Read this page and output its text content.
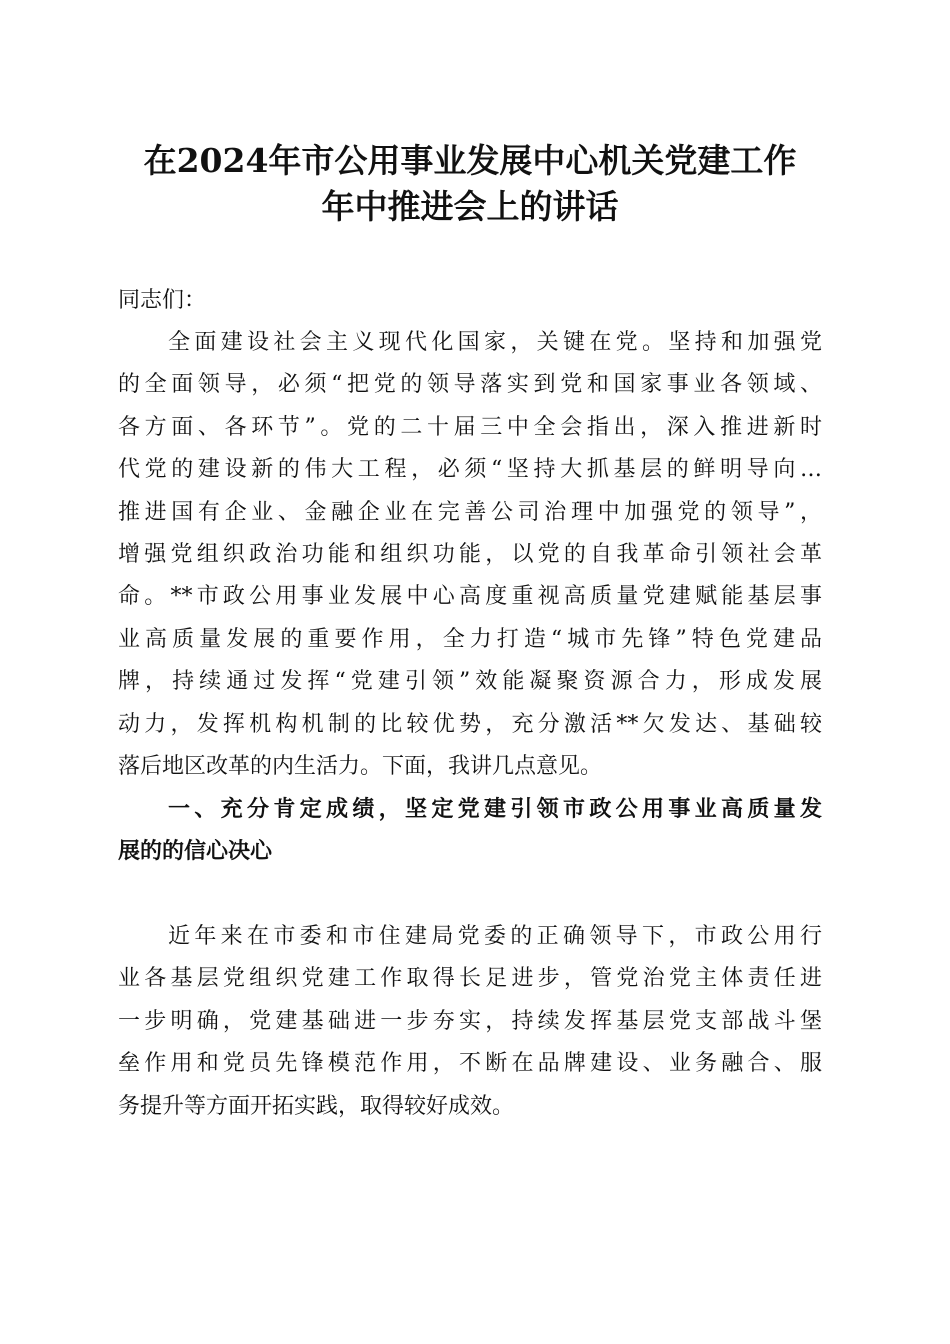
在2024年市公用事业发展中心机关党建工作
年中推进会上的讲话

同志们：

全面建设社会主义现代化国家，关键在党。坚持和加强党
的全面领导，必须“把党的领导落实到党和国家事业各领域、
各方面、各环节”。党的二十届三中全会指出，深入推进新时
代党的建设新的伟大工程，必须“坚持大抓基层的鲜明导向…
推进国有企业、金融企业在完善公司治理中加强党的领导”，
增强党组织政治功能和组织功能，以党的自我革命引领社会革
命。**市政公用事业发展中心高度重视高质量党建赋能基层事
业高质量发展的重要作用，全力打造“城市先锋”特色党建品
牌，持续通过发挥“党建引领”效能凝聚资源合力，形成发展
动力，发挥机构机制的比较优势，充分激活**欠发达、基础较
落后地区改革的内生活力。下面，我讲几点意见。
一、充分肯定成绩，坚定党建引领市政公用事业高质量发
展的的信心决心
近年来在市委和市住建局党委的正确领导下，市政公用行
业各基层党组织党建工作取得长足进步，管党治党主体责任进
一步明确，党建基础进一步夯实，持续发挥基层党支部战斗堡
垒作用和党员先锋模范作用，不断在品牌建设、业务融合、服
务提升等方面开拓实践，取得较好成效。
